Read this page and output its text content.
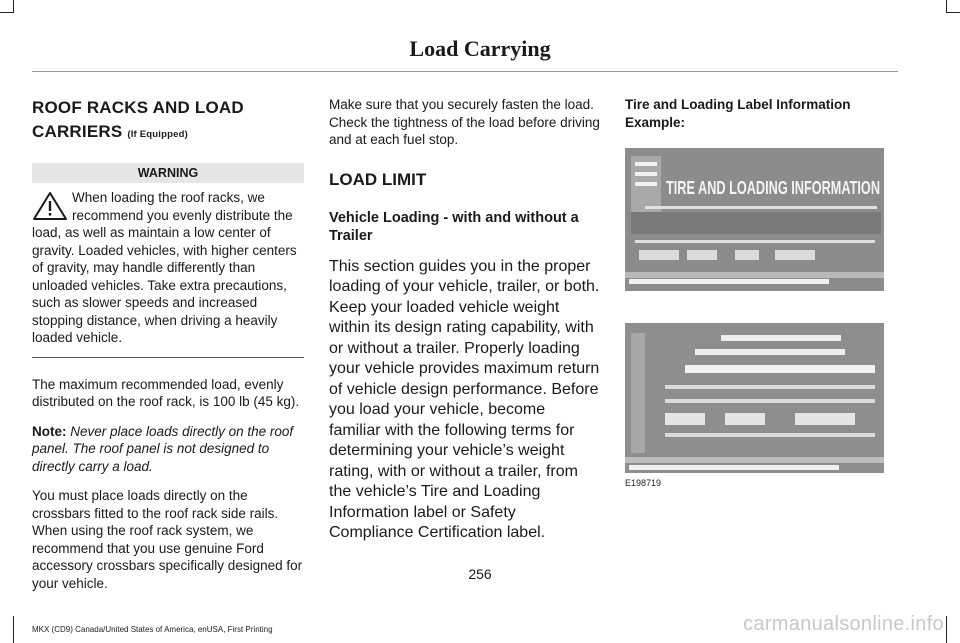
Load Carrying
ROOF RACKS AND LOAD
CARRIERS (If Equipped)
WARNING
When loading the roof racks, we recommend you evenly distribute the load, as well as maintain a low center of gravity. Loaded vehicles, with higher centers of gravity, may handle differently than unloaded vehicles. Take extra precautions, such as slower speeds and increased stopping distance, when driving a heavily loaded vehicle.

The maximum recommended load, evenly distributed on the roof rack, is 100 lb (45 kg).

Note: Never place loads directly on the roof panel. The roof panel is not designed to directly carry a load.

You must place loads directly on the crossbars fitted to the roof rack side rails. When using the roof rack system, we recommend that you use genuine Ford accessory crossbars specifically designed for your vehicle.

Make sure that you securely fasten the load. Check the tightness of the load before driving and at each fuel stop.

LOAD LIMIT
Vehicle Loading - with and without a Trailer

This section guides you in the proper loading of your vehicle, trailer, or both. Keep your loaded vehicle weight within its design rating capability, with or without a trailer. Properly loading your vehicle provides maximum return of vehicle design performance. Before you load your vehicle, become familiar with the following terms for determining your vehicle’s weight rating, with or without a trailer, from the vehicle’s Tire and Loading Information label or Safety Compliance Certification label.

Tire and Loading Label Information Example:
TIRE AND LOADING INFORMATION
E198719
256
MKX (CD9) Canada/United States of America, enUSA, First Printing	carmanualsonline.info
